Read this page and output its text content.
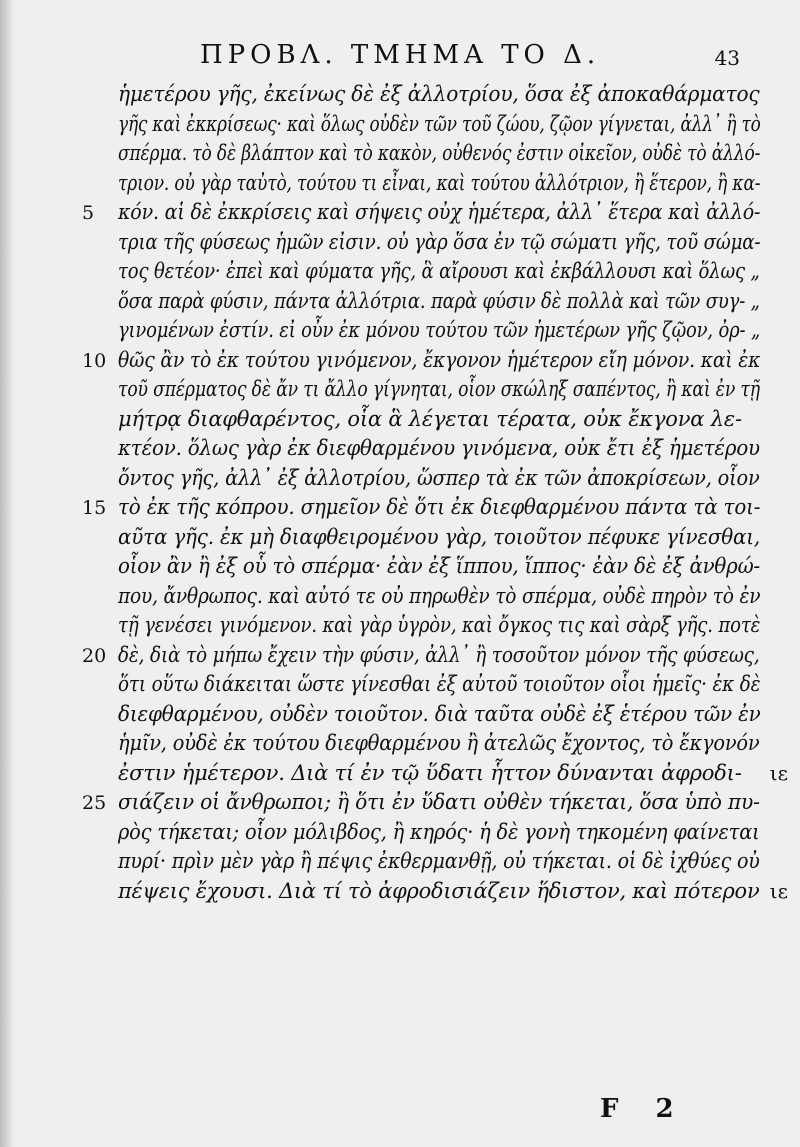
ΠΡΟΒΛ. ΤΜΗΜΑ ΤΟ Δ.	43
ἡμετέρου γῆς, ἐκείνως δὲ ἐξ ἀλλοτρίου, ὅσα ἐξ ἀποκαθάρματος
γῆς καὶ ἐκκρίσεως· καὶ ὅλως οὐδὲν τῶν τοῦ ζώου, ζῷον γίγνεται, ἀλλ᾽ ἢ τὸ
σπέρμα. τὸ δὲ βλάπτον καὶ τὸ κακὸν, οὐθενός ἐστιν οἰκεῖον, οὐδὲ τὸ ἀλλό-
τριον. οὐ γὰρ ταὐτὸ, τούτου τι εἶναι, καὶ τούτου ἀλλότριον, ἢ ἕτερον, ἢ κα-
5 κόν. αἱ δὲ ἐκκρίσεις καὶ σήψεις οὐχ ἡμέτερα, ἀλλ᾽ ἕτερα καὶ ἀλλό-
τρια τῆς φύσεως ἡμῶν εἰσιν. οὐ γὰρ ὅσα ἐν τῷ σώματι γῆς, τοῦ σώμα-
τος θετέον· ἐπεὶ καὶ φύματα γῆς, ἃ αἴρουσι καὶ ἐκβάλλουσι καὶ ὅλως „
ὅσα παρὰ φύσιν, πάντα ἀλλότρια. παρὰ φύσιν δὲ πολλὰ καὶ τῶν συγ- „
γινομένων ἐστίν. εἰ οὖν ἐκ μόνου τούτου τῶν ἡμετέρων γῆς ζῷον, ὀρ- „
10 θῶς ἂν τὸ ἐκ τούτου γινόμενον, ἔκγονον ἡμέτερον εἴη μόνον. καὶ ἐκ
τοῦ σπέρματος δὲ ἄν τι ἄλλο γίγνηται, οἷον σκώληξ σαπέντος, ἢ καὶ ἐν τῇ
μήτρᾳ διαφθαρέντος, οἷα ἃ λέγεται τέρατα, οὐκ ἔκγονα λε-
κτέον. ὅλως γὰρ ἐκ διεφθαρμένου γινόμενα, οὐκ ἔτι ἐξ ἡμετέρου
ὄντος γῆς, ἀλλ᾽ ἐξ ἀλλοτρίου, ὥσπερ τὰ ἐκ τῶν ἀποκρίσεων, οἷον
15 τὸ ἐκ τῆς κόπρου. σημεῖον δὲ ὅτι ἐκ διεφθαρμένου πάντα τὰ τοι-
αῦτα γῆς. ἐκ μὴ διαφθειρομένου γὰρ, τοιοῦτον πέφυκε γίνεσθαι,
οἷον ἂν ἢ ἐξ οὗ τὸ σπέρμα· ἐὰν ἐξ ἵππου, ἵππος· ἐὰν δὲ ἐξ ἀνθρώ-
που, ἄνθρωπος. καὶ αὐτό τε οὐ πηρωθὲν τὸ σπέρμα, οὐδὲ πηρὸν τὸ ἐν
τῇ γενέσει γινόμενον. καὶ γὰρ ὑγρὸν, καὶ ὄγκος τις καὶ σὰρξ γῆς. ποτὲ
20 δὲ, διὰ τὸ μήπω ἔχειν τὴν φύσιν, ἀλλ᾽ ἢ τοσοῦτον μόνον τῆς φύσεως,
ὅτι οὕτω διάκειται ὥστε γίνεσθαι ἐξ αὐτοῦ τοιοῦτον οἷοι ἡμεῖς· ἐκ δὲ
διεφθαρμένου, οὐδὲν τοιοῦτον. διὰ ταῦτα οὐδὲ ἐξ ἑτέρου τῶν ἐν
ἡμῖν, οὐδὲ ἐκ τούτου διεφθαρμένου ἢ ἀτελῶς ἔχοντος, τὸ ἔκγονόν
ἐστιν ἡμέτερον. Διὰ τί ἐν τῷ ὕδατι ἧττον δύνανται ἀφροδι- ιε
25 σιάζειν οἱ ἄνθρωποι; ἢ ὅτι ἐν ὕδατι οὐθὲν τήκεται, ὅσα ὑπὸ πυ-
ρὸς τήκεται; οἷον μόλιβδος, ἢ κηρός· ἡ δὲ γονὴ τηκομένη φαίνεται
πυρί· πρὶν μὲν γὰρ ἢ πέψις ἐκθερμανθῇ, οὐ τήκεται. οἱ δὲ ἰχθύες οὐ
πέψεις ἔχουσι. Διὰ τί τὸ ἀφροδισιάζειν ἥδιστον, καὶ πότερον ιε
F 2
